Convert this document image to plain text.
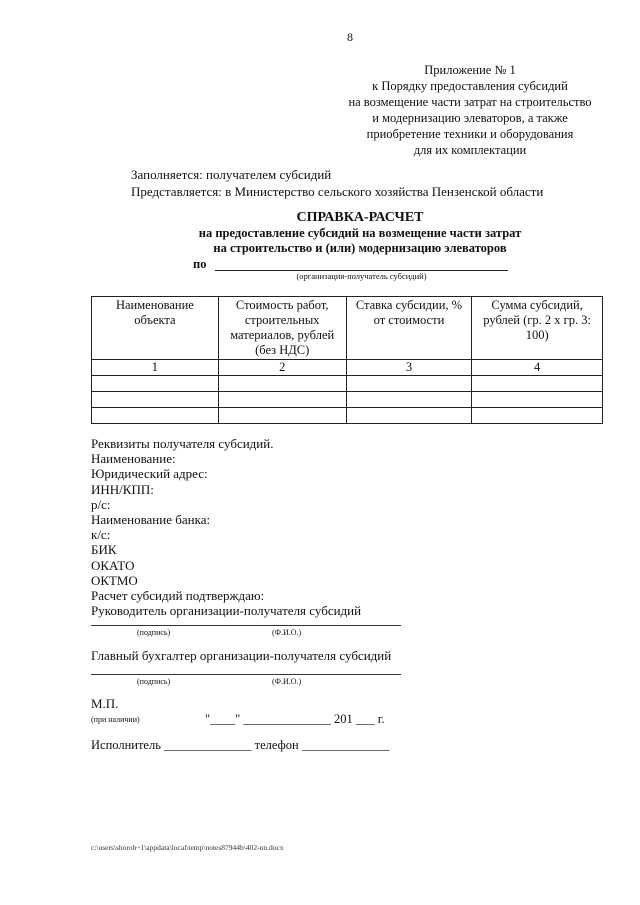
8
Приложение № 1
к Порядку предоставления субсидий
на возмещение части затрат на строительство
и модернизацию элеваторов, а также
приобретение техники и оборудования
для их комплектации
Заполняется: получателем субсидий
Представляется: в Министерство сельского хозяйства Пензенской области
СПРАВКА-РАСЧЕТ
на предоставление субсидий на возмещение части затрат
на строительство и (или) модернизацию элеваторов
по
(организация-получатель субсидий)
Наименование объекта	Стоимость работ, строительных материалов, рублей (без НДС)	Ставка субсидии, % от стоимости	Сумма субсидий, рублей (гр. 2 х гр. 3: 100)
1	2	3	4

Реквизиты получателя субсидий.
Наименование:
Юридический адрес:
ИНН/КПП:
р/с:
Наименование банка:
к/с:
БИК
ОКАТО
ОКТМО
Расчет субсидий подтверждаю:
Руководитель организации-получателя субсидий
(подпись)	(Ф.И.О.)
Главный бухгалтер организации-получателя субсидий
(подпись)	(Ф.И.О.)
М.П.
(при наличии)	"____" ______________ 201 ___ г.
Исполнитель ______________ телефон ______________
c:\users\shoroh~1\appdata\local\temp\notes87944b\402-nn.docx
